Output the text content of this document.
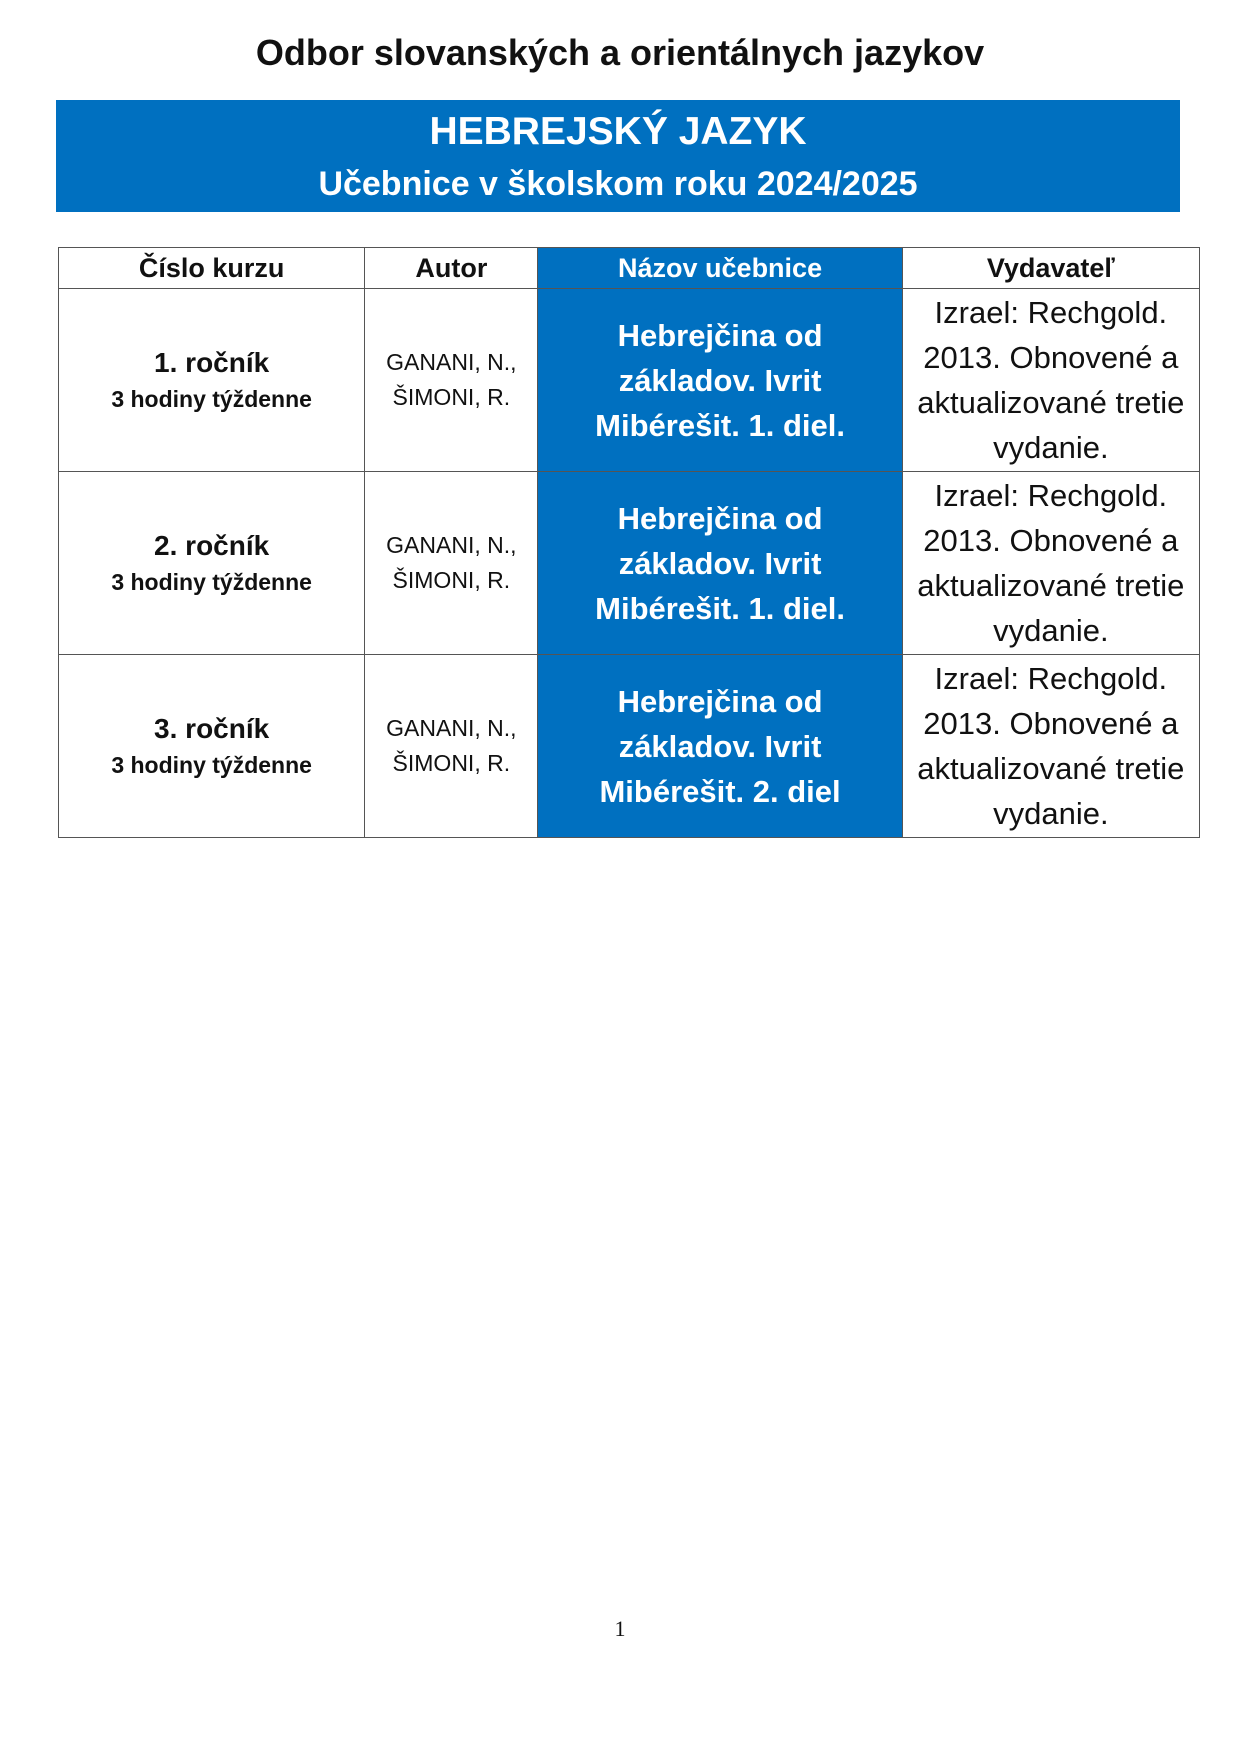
Odbor slovanských a orientálnych jazykov
HEBREJSKÝ JAZYK
Učebnice v školskom roku 2024/2025
Číslo kurzu	Autor	Názov učebnice	Vydavateľ

1. ročník
3 hodiny týždenne	GANANI, N., ŠIMONI, R.	Hebrejčina od základov. Ivrit Mibérešit. 1. diel.	Izrael: Rechgold. 2013. Obnovené a aktualizované tretie vydanie.

2. ročník
3 hodiny týždenne	GANANI, N., ŠIMONI, R.	Hebrejčina od základov. Ivrit Mibérešit. 1. diel.	Izrael: Rechgold. 2013. Obnovené a aktualizované tretie vydanie.

3. ročník
3 hodiny týždenne	GANANI, N., ŠIMONI, R.	Hebrejčina od základov. Ivrit Mibérešit. 2. diel	Izrael: Rechgold. 2013. Obnovené a aktualizované tretie vydanie.
1
